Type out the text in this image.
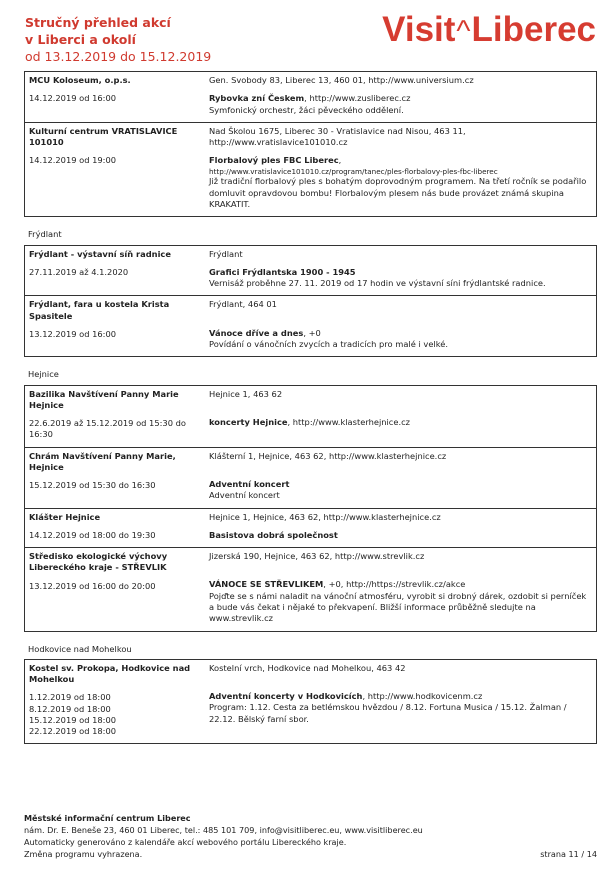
Stručný přehled akcí
v Liberci a okolí
od 13.12.2019 do 15.12.2019
Visit^Liberec
MCU Koloseum, o.p.s.
14.12.2019 od 16:00
Gen. Svobody 83, Liberec 13, 460 01, http://www.universium.cz
Rybovka zní Českem, http://www.zusliberec.cz
Symfonický orchestr, žáci pěveckého oddělení.
Kulturní centrum VRATISLAVICE 101010
14.12.2019 od 19:00
Nad Školou 1675, Liberec 30 - Vratislavice nad Nisou, 463 11, http://www.vratislavice101010.cz
Florbalový ples FBC Liberec,
http://www.vratislavice101010.cz/program/tanec/ples-florbalovy-ples-fbc-liberec
Již tradiční florbalový ples s bohatým doprovodným programem. Na třetí ročník se podařilo domluvit opravdovou bombu! Florbalovým plesem nás bude provázet známá skupina KRAKATIT.
Frýdlant
Frýdlant - výstavní síň radnice
27.11.2019 až 4.1.2020
Frýdlant
Grafici Frýdlantska 1900 - 1945
Vernisáž proběhne 27. 11. 2019 od 17 hodin ve výstavní síni frýdlantské radnice.
Frýdlant, fara u kostela Krista Spasitele
13.12.2019 od 16:00
Frýdlant, 464 01
Vánoce dříve a dnes, +0
Povídání o vánočních zvycích a tradicích pro malé i velké.
Hejnice
Bazilika Navštívení Panny Marie Hejnice
22.6.2019 až 15.12.2019 od 15:30 do 16:30
Hejnice 1, 463 62
koncerty Hejnice, http://www.klasterhejnice.cz
Chrám Navštívení Panny Marie, Hejnice
15.12.2019 od 15:30 do 16:30
Klášterní 1, Hejnice, 463 62, http://www.klasterhejnice.cz
Adventní koncert
Adventní koncert
Klášter Hejnice
14.12.2019 od 18:00 do 19:30
Hejnice 1, Hejnice, 463 62, http://www.klasterhejnice.cz
Basistova dobrá společnost
Středisko ekologické výchovy Libereckého kraje - STŘEVLIK
13.12.2019 od 16:00 do 20:00
Jizerská 190, Hejnice, 463 62, http://www.strevlik.cz
VÁNOCE SE STŘEVLIKEM, +0, http://https://strevlik.cz/akce
Pojďte se s námi naladit na vánoční atmosféru, vyrobit si drobný dárek, ozdobit si perníček a bude vás čekat i nějaké to překvapení. Bližší informace průběžně sledujte na www.strevlik.cz
Hodkovice nad Mohelkou
Kostel sv. Prokopa, Hodkovice nad Mohelkou
1.12.2019 od 18:00
8.12.2019 od 18:00
15.12.2019 od 18:00
22.12.2019 od 18:00
Kostelní vrch, Hodkovice nad Mohelkou, 463 42
Adventní koncerty v Hodkovicích, http://www.hodkovicenm.cz
Program: 1.12. Cesta za betlémskou hvězdou / 8.12. Fortuna Musica / 15.12. Žalman / 22.12. Bělský farní sbor.
Městské informační centrum Liberec
nám. Dr. E. Beneše 23, 460 01 Liberec, tel.: 485 101 709, info@visitliberec.eu, www.visitliberec.eu
Automaticky generováno z kalendáře akcí webového portálu Libereckého kraje.
Změna programu vyhrazena.	strana 11 / 14
